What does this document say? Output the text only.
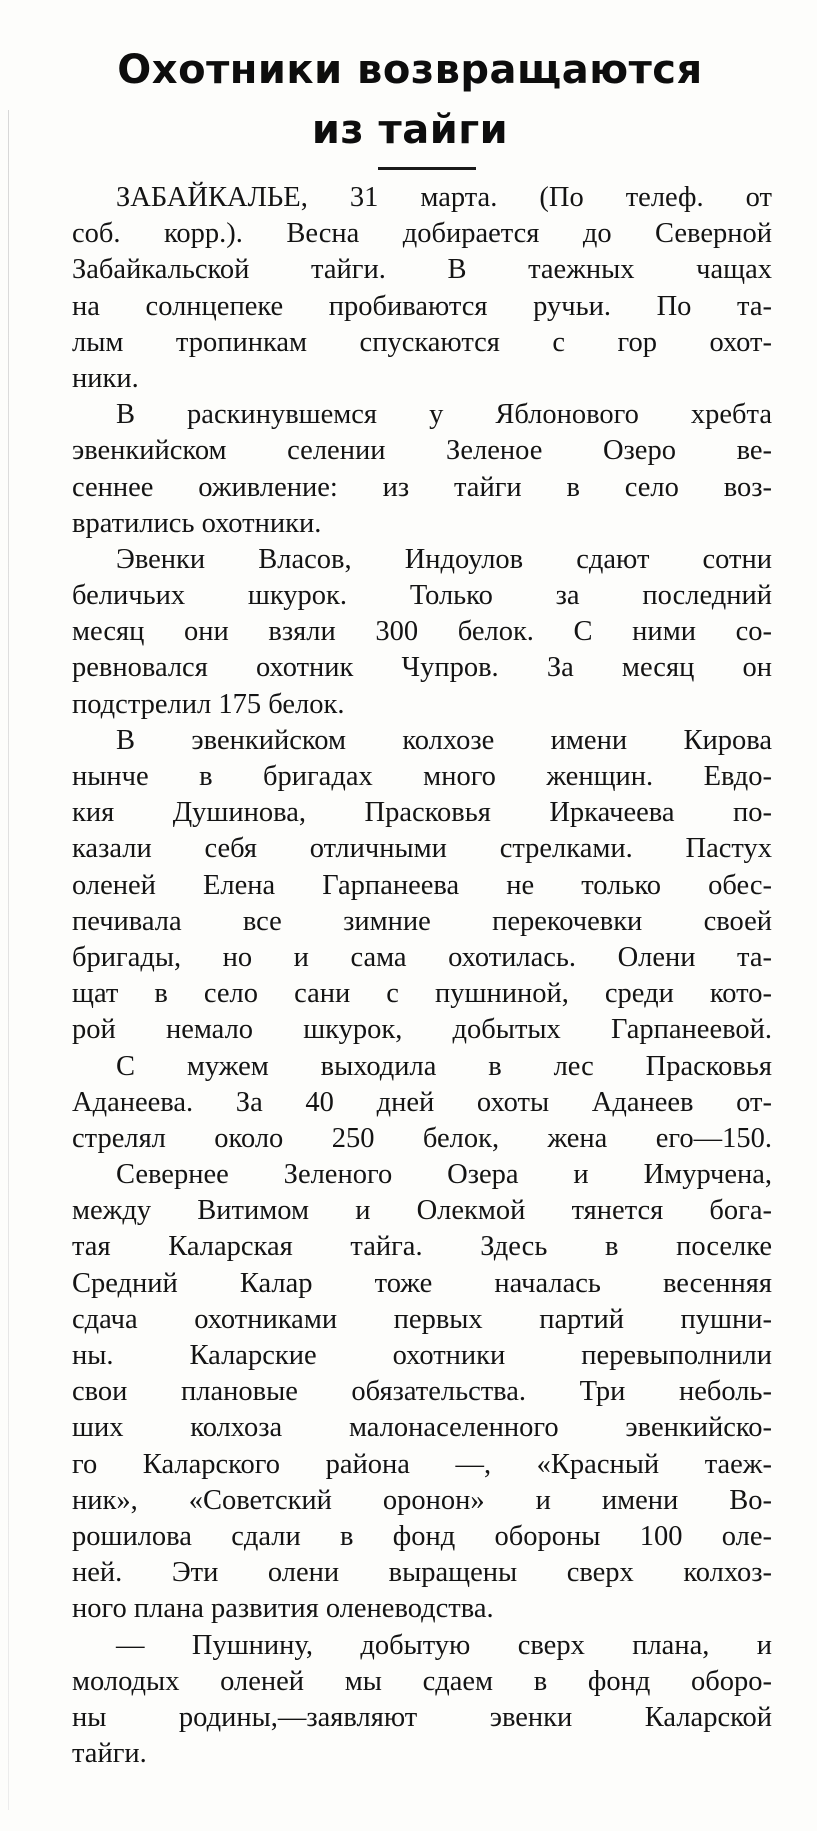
Охотники возвращаются
из тайги
ЗАБАЙКАЛЬЕ, 31 марта. (По телеф. от
соб. корр.). Весна добирается до Северной
Забайкальской тайги. В таежных чащах
на солнцепеке пробиваются ручьи. По та-
лым тропинкам спускаются с гор охот-
ники.
В раскинувшемся у Яблонового хребта
эвенкийском селении Зеленое Озеро ве-
сеннее оживление: из тайги в село воз-
вратились охотники.
Эвенки Власов, Индоулов сдают сотни
беличьих шкурок. Только за последний
месяц они взяли 300 белок. С ними со-
ревновался охотник Чупров. За месяц он
подстрелил 175 белок.
В эвенкийском колхозе имени Кирова
нынче в бригадах много женщин. Евдо-
кия Душинова, Прасковья Иркачеева по-
казали себя отличными стрелками. Пастух
оленей Елена Гарпанеева не только обес-
печивала все зимние перекочевки своей
бригады, но и сама охотилась. Олени та-
щат в село сани с пушниной, среди кото-
рой немало шкурок, добытых Гарпанеевой.
С мужем выходила в лес Прасковья
Аданеева. За 40 дней охоты Аданеев от-
стрелял около 250 белок, жена его—150.
Севернее Зеленого Озера и Имурчена,
между Витимом и Олекмой тянется бога-
тая Каларская тайга. Здесь в поселке
Средний Калар тоже началась весенняя
сдача охотниками первых партий пушни-
ны. Каларские охотники перевыполнили
свои плановые обязательства. Три неболь-
ших колхоза малонаселенного эвенкийско-
го Каларского района —, «Красный таеж-
ник», «Советский оронон» и имени Во-
рошилова сдали в фонд обороны 100 оле-
ней. Эти олени выращены сверх колхоз-
ного плана развития оленеводства.
— Пушнину, добытую сверх плана, и
молодых оленей мы сдаем в фонд оборо-
ны родины,—заявляют эвенки Каларской
тайги.
